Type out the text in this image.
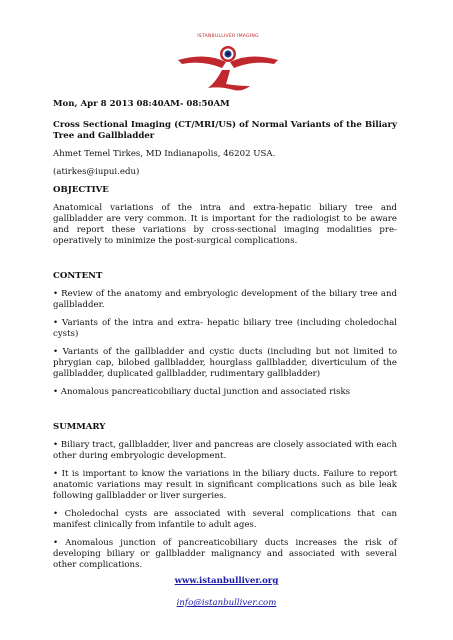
ISTANBULLIVER IMAGING

Mon, Apr 8 2013 08:40AM- 08:50AM

Cross Sectional Imaging (CT/MRI/US) of Normal Variants of the Biliary Tree and Gallbladder

Ahmet Temel Tirkes, MD Indianapolis, 46202 USA.

(atirkes@iupui.edu)

OBJECTIVE

Anatomical variations of the intra and extra-hepatic biliary tree and gallbladder are very common. It is important for the radiologist to be aware and report these variations by cross-sectional imaging modalities pre-operatively to minimize the post-surgical complications.

CONTENT

• Review of the anatomy and embryologic development of the biliary tree and gallbladder.

• Variants of the intra and extra- hepatic biliary tree (including choledochal cysts)

• Variants of the gallbladder and cystic ducts (including but not limited to phrygian cap, bilobed gallbladder, hourglass gallbladder, diverticulum of the gallbladder, duplicated gallbladder, rudimentary gallbladder)

• Anomalous pancreaticobiliary ductal junction and associated risks

SUMMARY

• Biliary tract, gallbladder, liver and pancreas are closely associated with each other during embryologic development.

• It is important to know the variations in the biliary ducts. Failure to report anatomic variations may result in significant complications such as bile leak following gallbladder or liver surgeries.

• Choledochal cysts are associated with several complications that can manifest clinically from infantile to adult ages.

• Anomalous junction of pancreaticobiliary ducts increases the risk of developing biliary or gallbladder malignancy and associated with several other complications.

www.istanbulliver.org
info@istanbulliver.com
